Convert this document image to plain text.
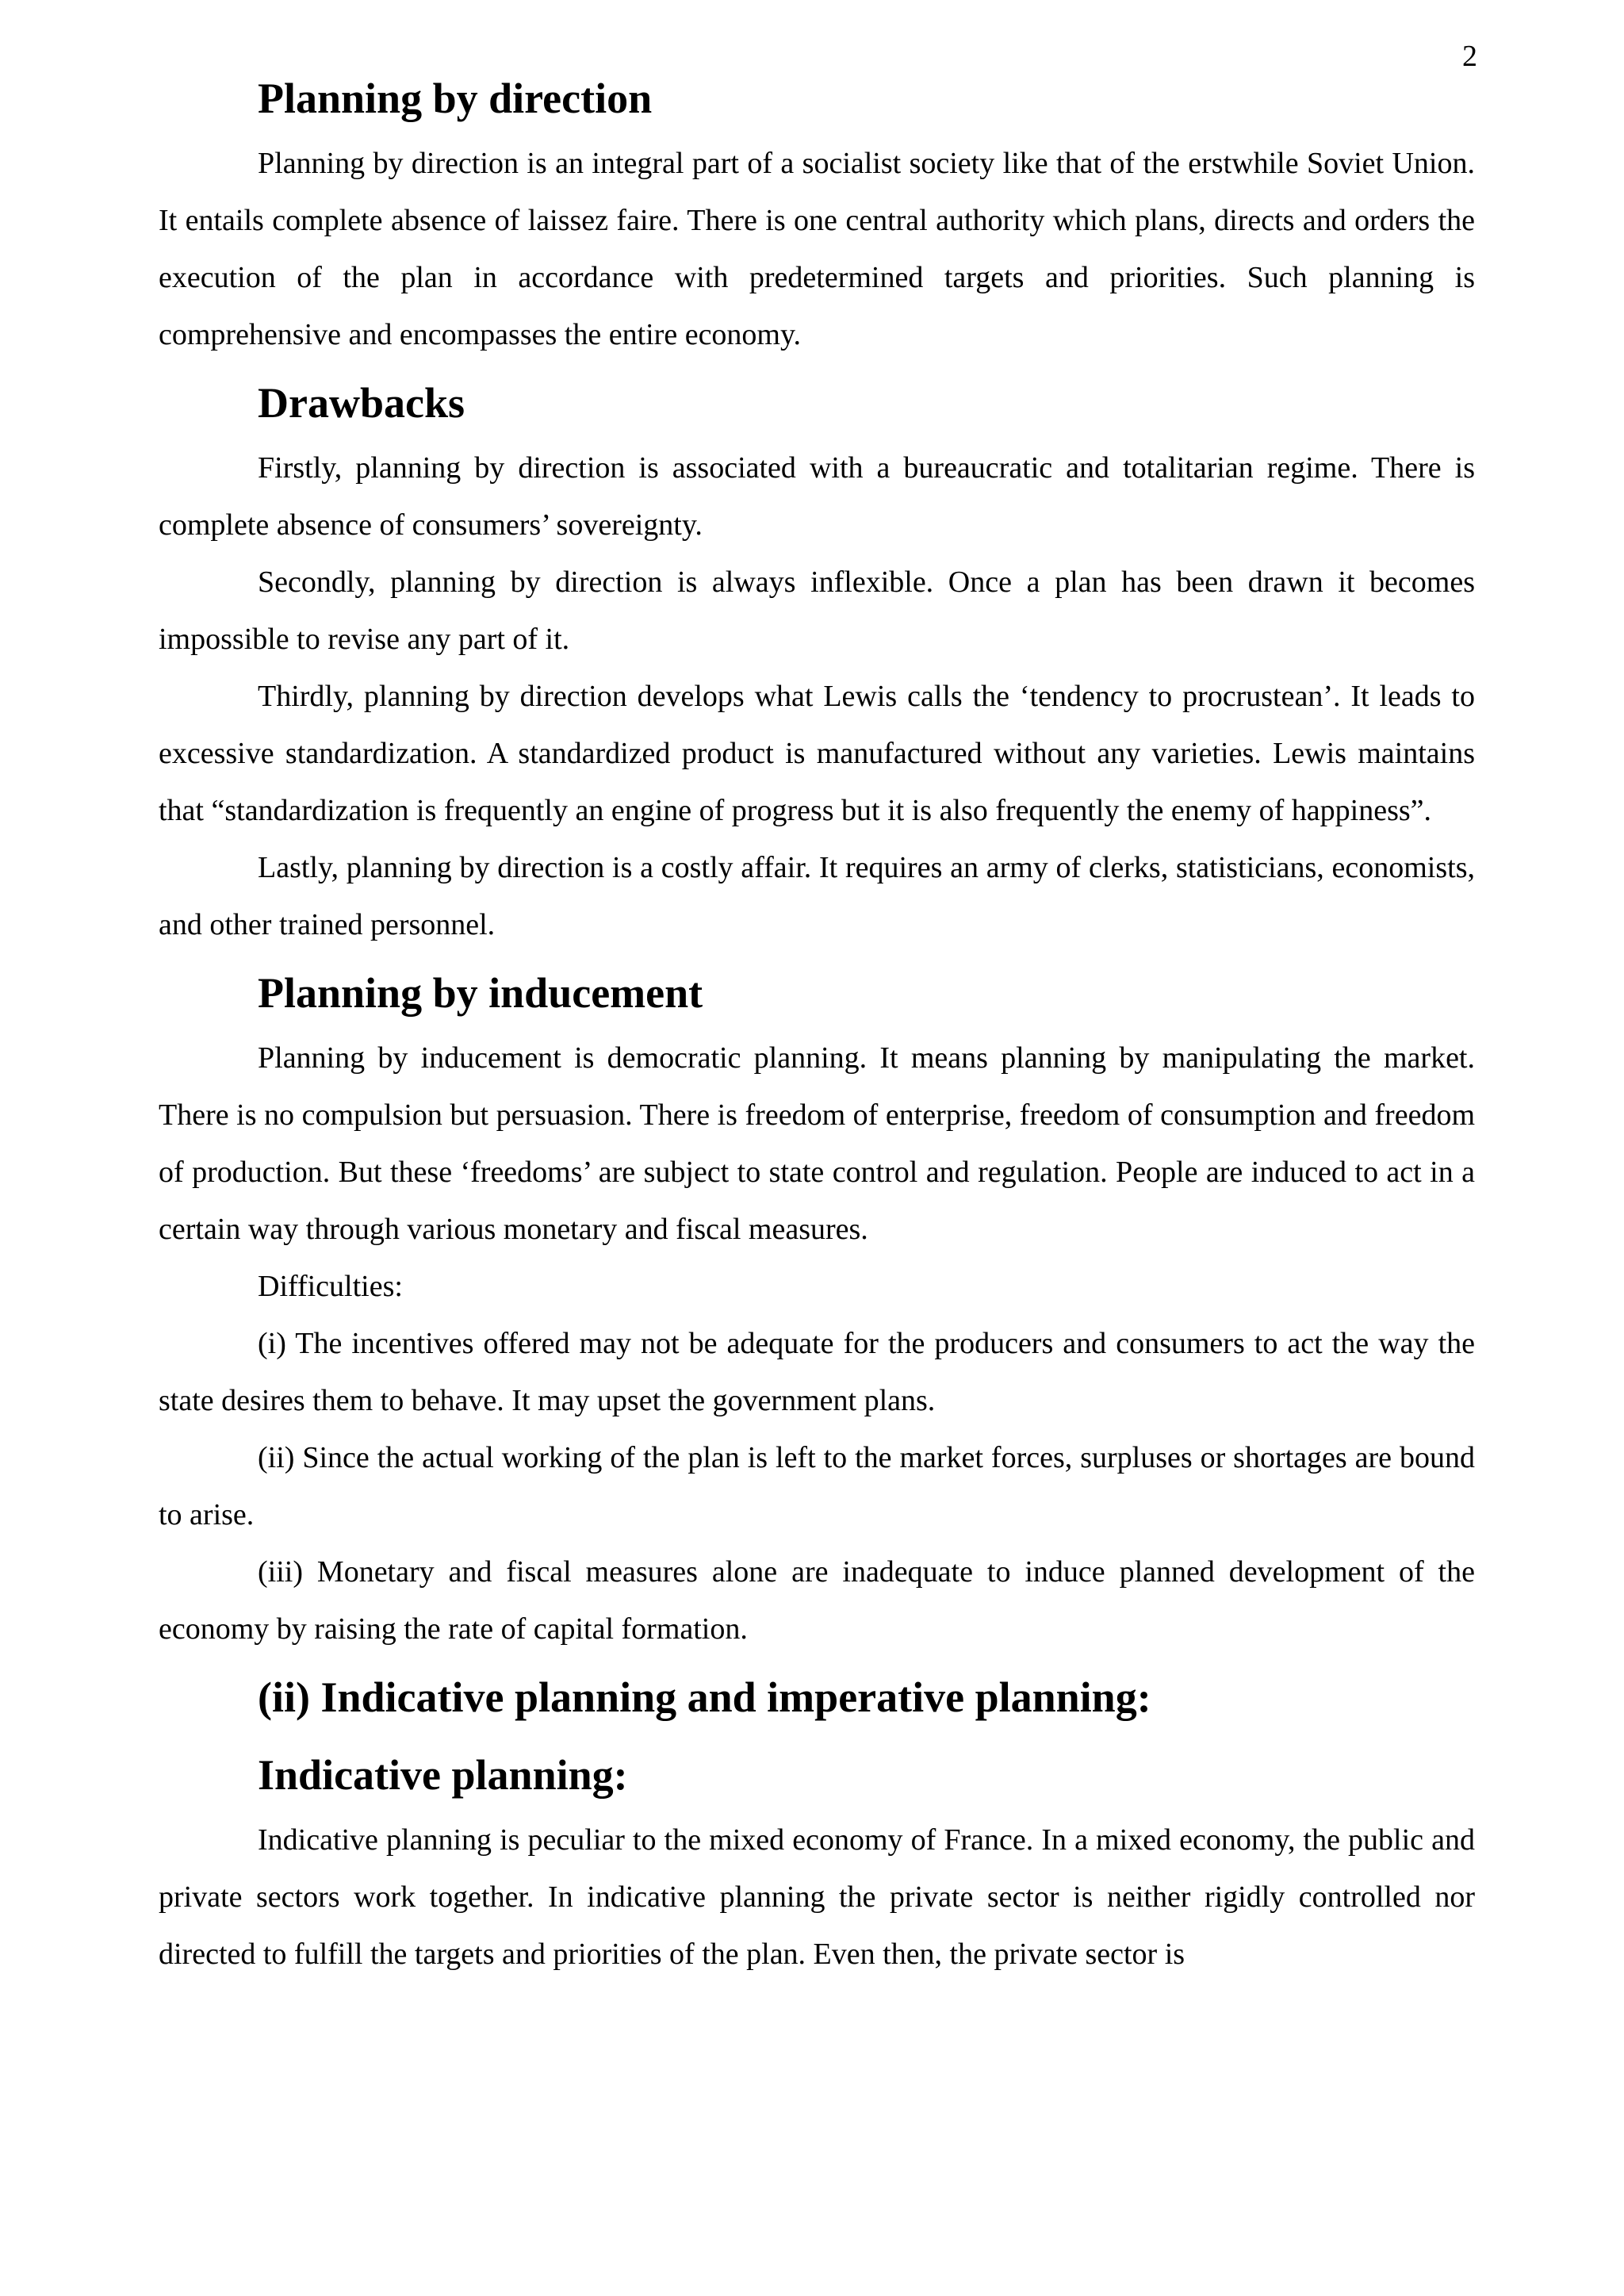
2
Planning by direction

Planning by direction is an integral part of a socialist society like that of the erstwhile Soviet Union. It entails complete absence of laissez faire. There is one central authority which plans, directs and orders the execution of the plan in accordance with predetermined targets and priorities. Such planning is comprehensive and encompasses the entire economy.

Drawbacks

Firstly, planning by direction is associated with a bureaucratic and totalitarian regime. There is complete absence of consumers’ sovereignty.

Secondly, planning by direction is always inflexible. Once a plan has been drawn it becomes impossible to revise any part of it.

Thirdly, planning by direction develops what Lewis calls the ‘tendency to procrustean’. It leads to excessive standardization. A standardized product is manufactured without any varieties. Lewis maintains that “standardization is frequently an engine of progress but it is also frequently the enemy of happiness”.

Lastly, planning by direction is a costly affair. It requires an army of clerks, statisticians, economists, and other trained personnel.

Planning by inducement

Planning by inducement is democratic planning. It means planning by manipulating the market. There is no compulsion but persuasion. There is freedom of enterprise, freedom of consumption and freedom of production. But these ‘freedoms’ are subject to state control and regulation. People are induced to act in a certain way through various monetary and fiscal measures.

Difficulties:

(i) The incentives offered may not be adequate for the producers and consumers to act the way the state desires them to behave. It may upset the government plans.

(ii) Since the actual working of the plan is left to the market forces, surpluses or shortages are bound to arise.

(iii) Monetary and fiscal measures alone are inadequate to induce planned development of the economy by raising the rate of capital formation.

(ii) Indicative planning and imperative planning:
Indicative planning:

Indicative planning is peculiar to the mixed economy of France. In a mixed economy, the public and private sectors work together. In indicative planning the private sector is neither rigidly controlled nor directed to fulfill the targets and priorities of the plan. Even then, the private sector is
